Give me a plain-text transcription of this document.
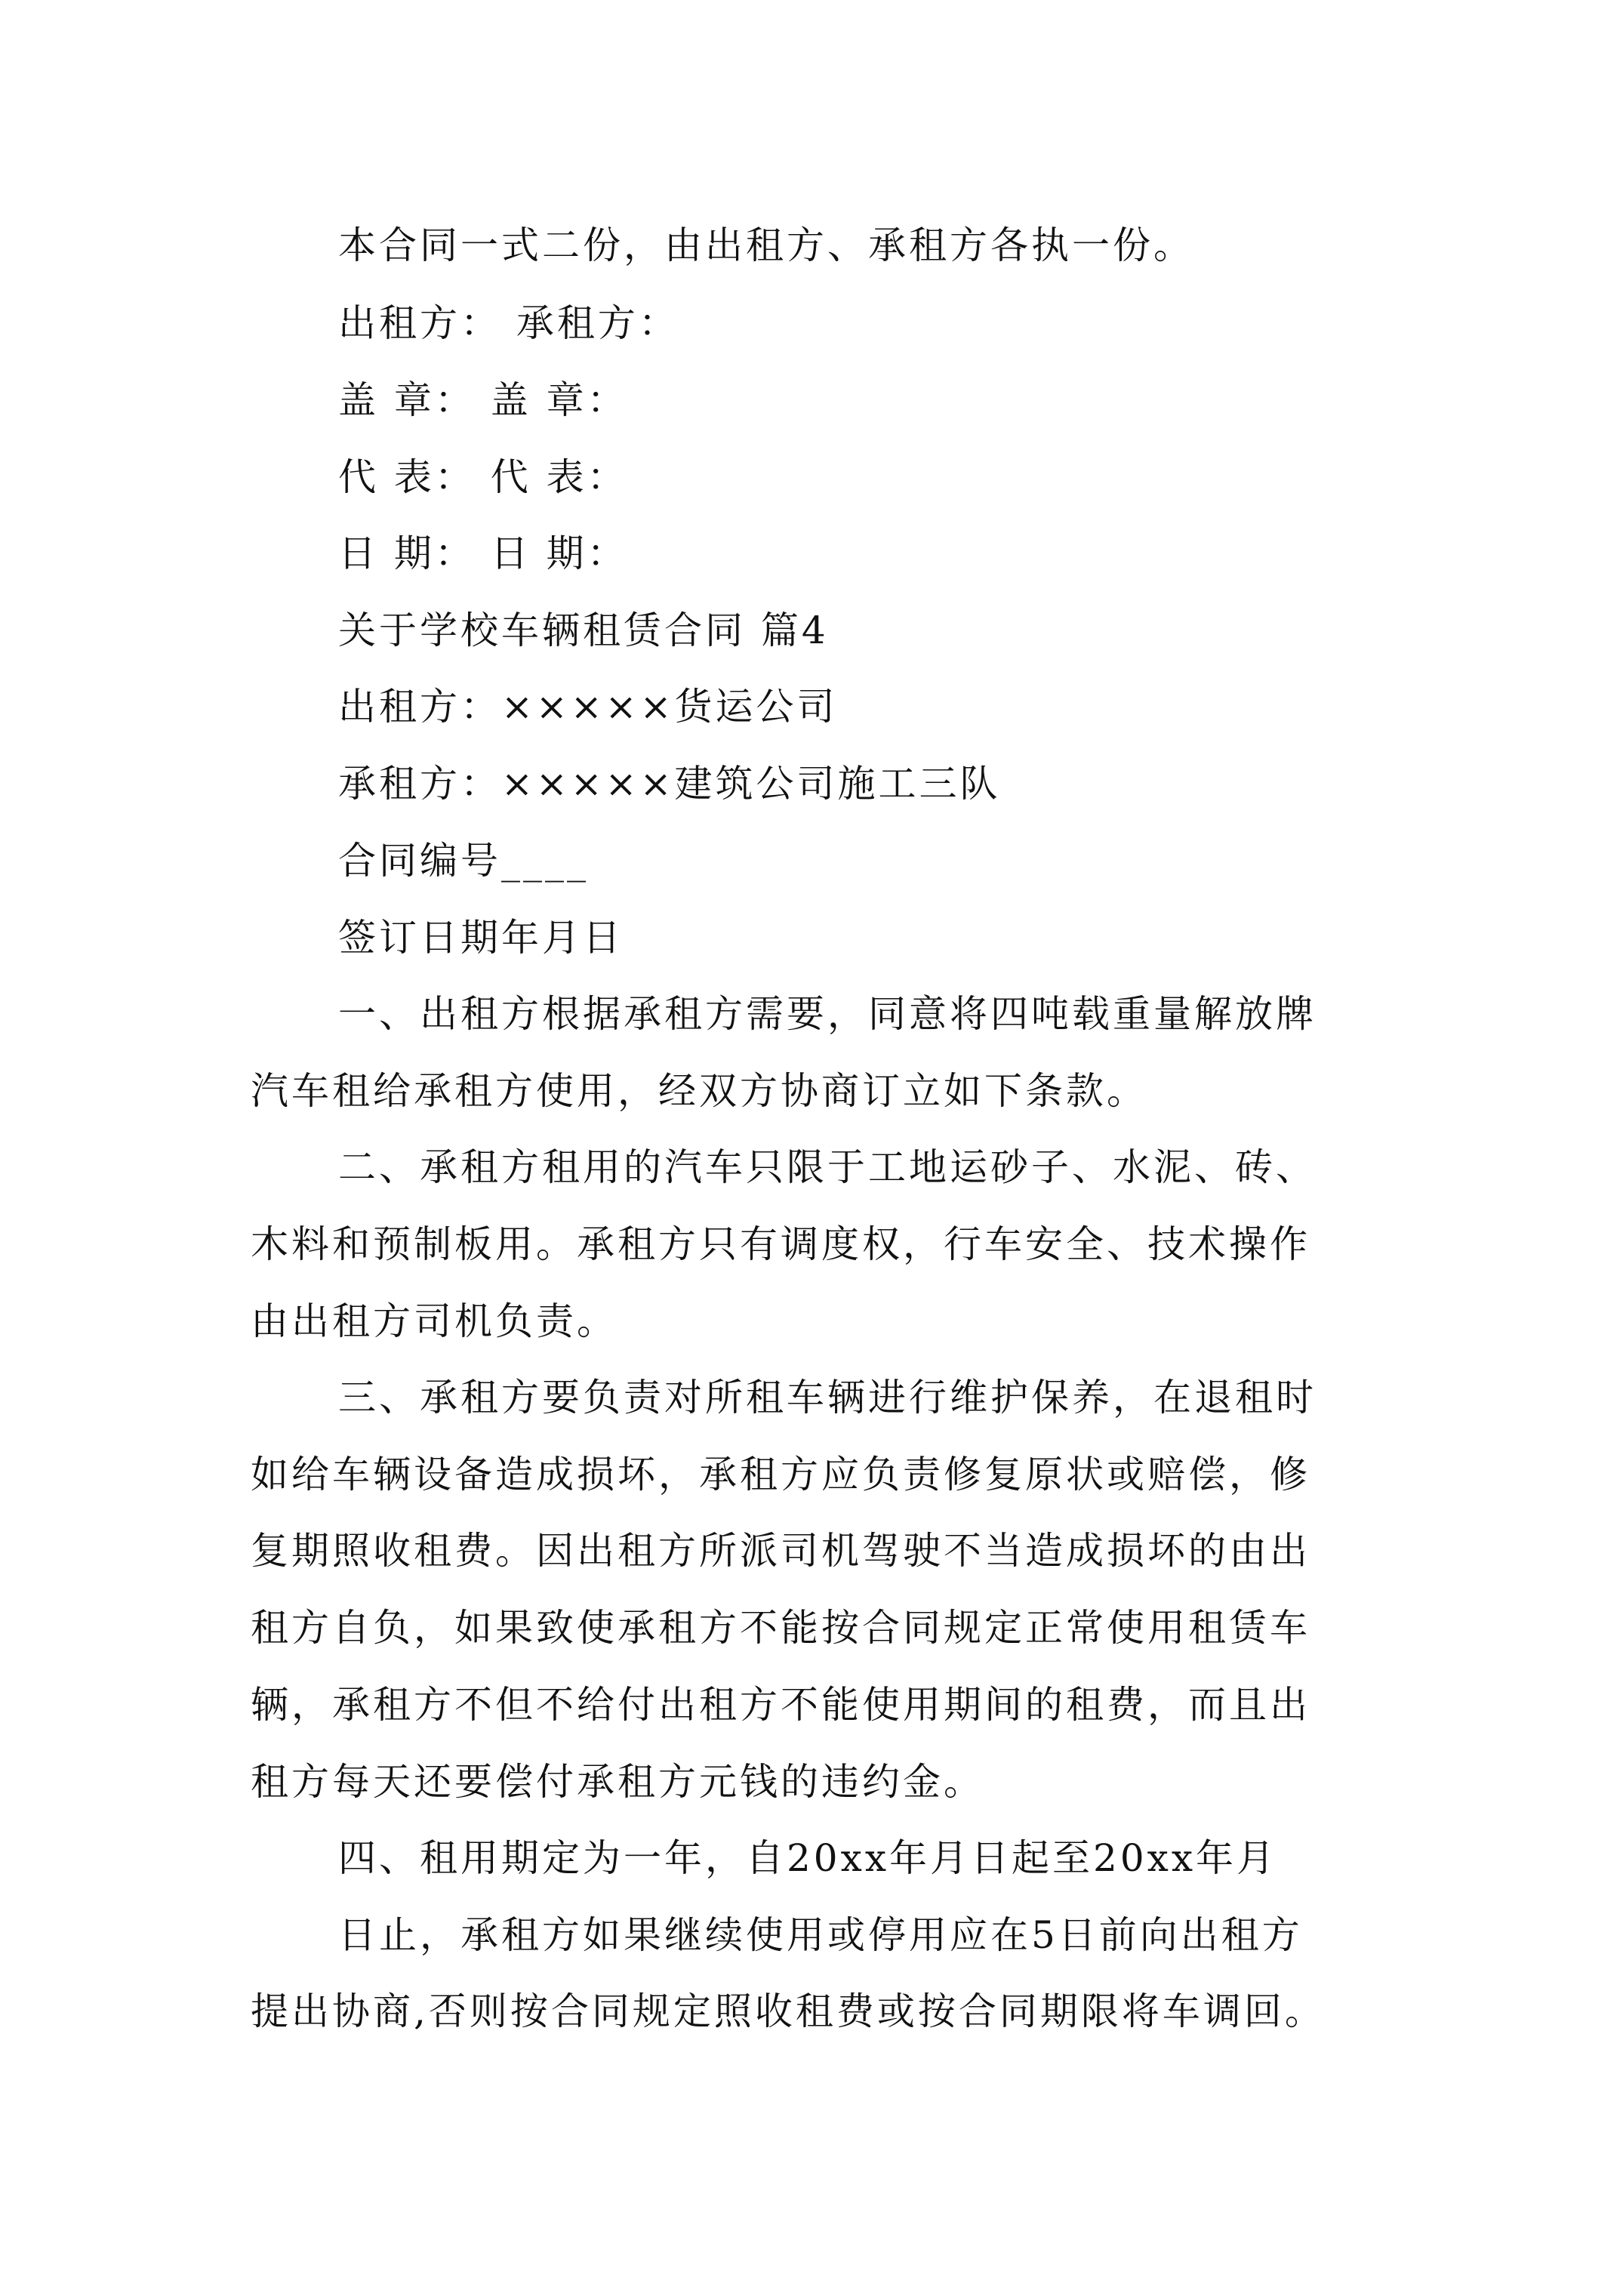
本合同一式二份，由出租方、承租方各执一份。

出租方： 承租方：

盖 章： 盖 章：

代 表： 代 表：

日 期： 日 期：

关于学校车辆租赁合同 篇4

出租方：×××××货运公司

承租方：×××××建筑公司施工三队

合同编号____

签订日期年月日

一、出租方根据承租方需要，同意将四吨载重量解放牌

汽车租给承租方使用，经双方协商订立如下条款。

二、承租方租用的汽车只限于工地运砂子、水泥、砖、

木料和预制板用。承租方只有调度权，行车安全、技术操作

由出租方司机负责。

三、承租方要负责对所租车辆进行维护保养，在退租时

如给车辆设备造成损坏，承租方应负责修复原状或赔偿，修

复期照收租费。因出租方所派司机驾驶不当造成损坏的由出

租方自负，如果致使承租方不能按合同规定正常使用租赁车

辆，承租方不但不给付出租方不能使用期间的租费，而且出

租方每天还要偿付承租方元钱的违约金。

四、租用期定为一年，自20xx年月日起至20xx年月

日止，承租方如果继续使用或停用应在5日前向出租方

提出协商,否则按合同规定照收租费或按合同期限将车调回。
